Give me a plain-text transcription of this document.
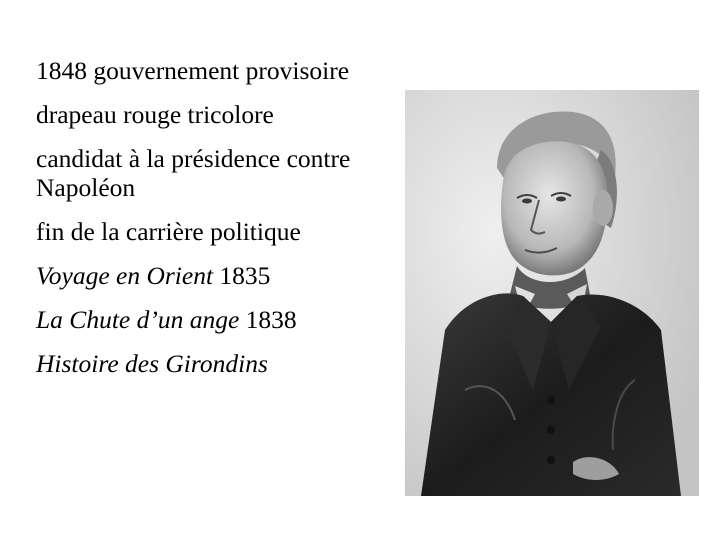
1848 gouvernement provisoire
drapeau rouge tricolore
candidat à la présidence contre Napoléon
fin de la carrière politique
Voyage en Orient 1835
La Chute d’un ange 1838
Histoire des Girondins
